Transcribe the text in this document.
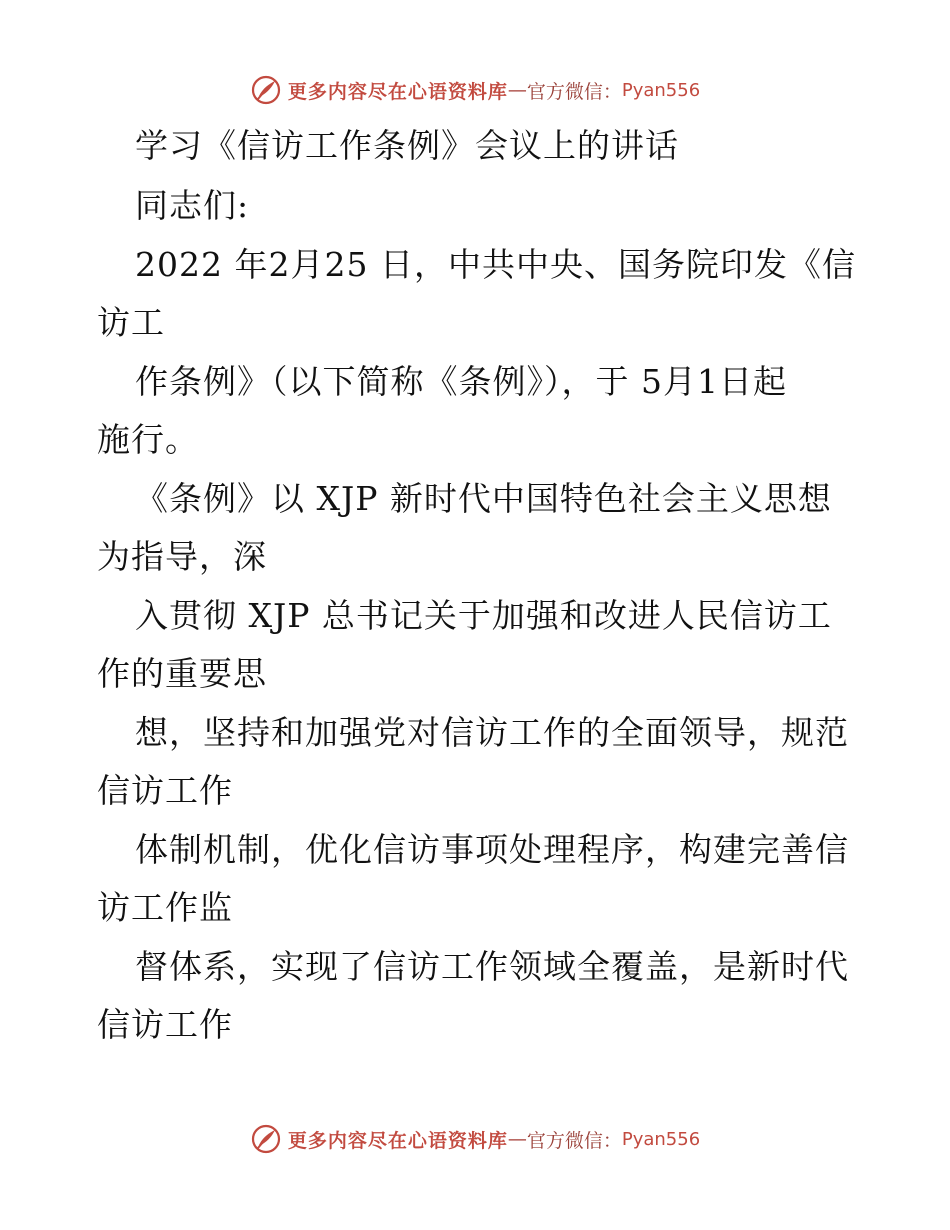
更多内容尽在心语资料库 — 官方微信： Pyan556
学习《信访工作条例》会议上的讲话
同志们:
2022 年2月25 日，中共中央、国务院印发《信
访工
作条例》（以下简称《条例》），于 5月1日起
施行。
《条例》以 XJP 新时代中国特色社会主义思想
为指导，深
入贯彻 XJP 总书记关于加强和改进人民信访工
作的重要思
想，坚持和加强党对信访工作的全面领导，规范
信访工作
体制机制，优化信访事项处理程序，构建完善信
访工作监
督体系，实现了信访工作领域全覆盖，是新时代
信访工作
更多内容尽在心语资料库 — 官方微信： Pyan556
